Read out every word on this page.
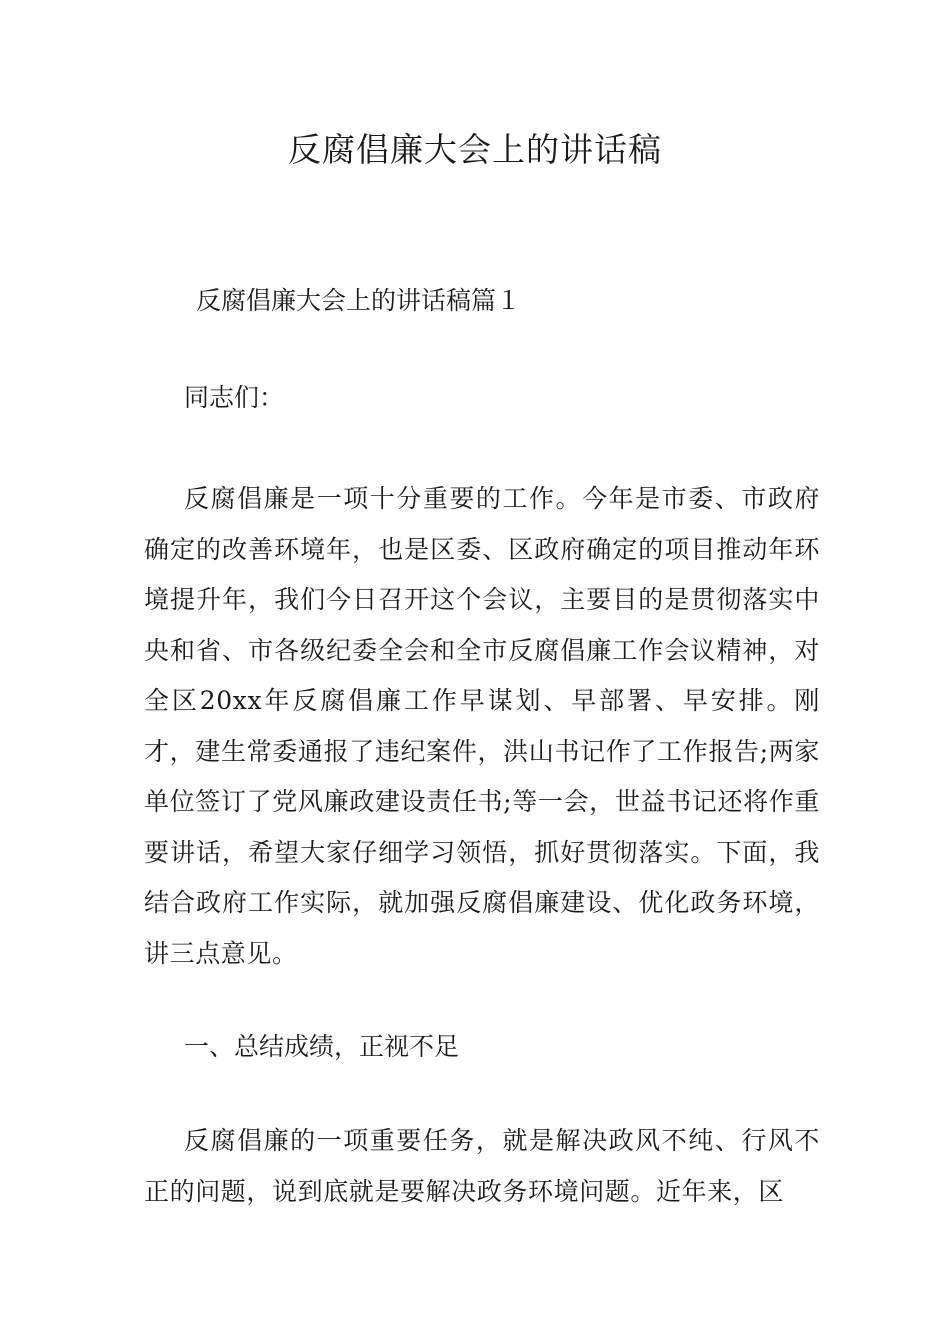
反腐倡廉大会上的讲话稿

反腐倡廉大会上的讲话稿篇１

同志们：

反腐倡廉是一项十分重要的工作。今年是市委、市政府确定的改善环境年，也是区委、区政府确定的项目推动年环境提升年，我们今日召开这个会议，主要目的是贯彻落实中央和省、市各级纪委全会和全市反腐倡廉工作会议精神，对全区20xx年反腐倡廉工作早谋划、早部署、早安排。刚才，建生常委通报了违纪案件，洪山书记作了工作报告;两家单位签订了党风廉政建设责任书;等一会，世益书记还将作重要讲话，希望大家仔细学习领悟，抓好贯彻落实。下面，我结合政府工作实际，就加强反腐倡廉建设、优化政务环境，讲三点意见。

一、总结成绩，正视不足

反腐倡廉的一项重要任务，就是解决政风不纯、行风不正的问题，说到底就是要解决政务环境问题。近年来，区
